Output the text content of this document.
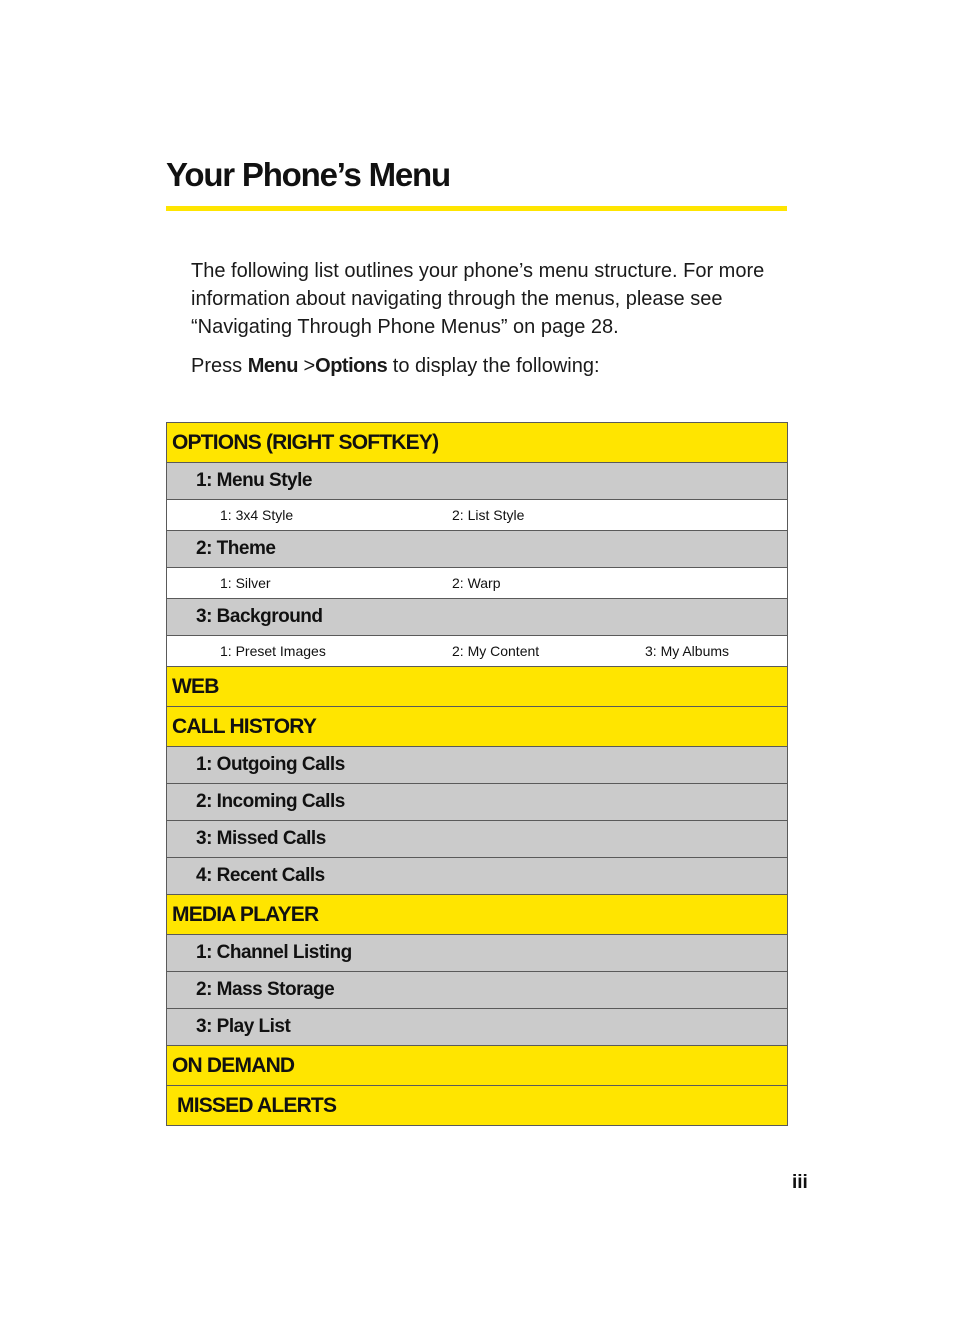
Your Phone’s Menu

The following list outlines your phone’s menu structure. For more information about navigating through the menus, please see “Navigating Through Phone Menus” on page 28.

Press Menu >Options to display the following:

OPTIONS (RIGHT SOFTKEY)
1: Menu Style

1: 3x4 Style	2: List Style

2: Theme

1: Silver	2: Warp

3: Background

1: Preset Images	2: My Content	3: My Albums

WEB
CALL HISTORY
1: Outgoing Calls
2: Incoming Calls
3: Missed Calls
4: Recent Calls
MEDIA PLAYER
1: Channel Listing
2: Mass Storage
3: Play List
ON DEMAND
MISSED ALERTS

iii
